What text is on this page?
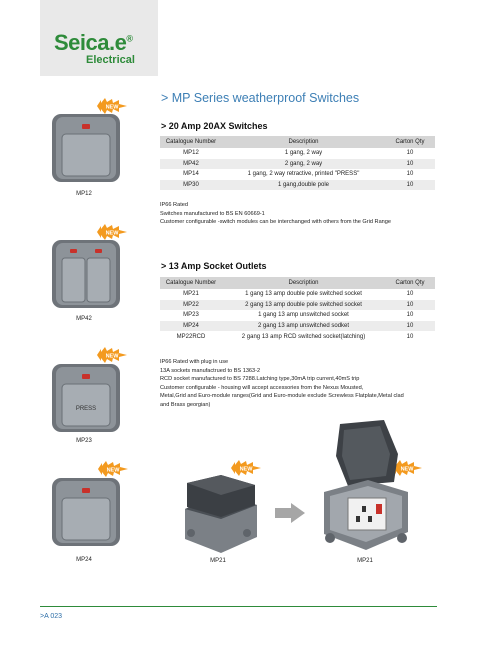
Seica.e®
Electrical
> MP Series weatherproof Switches
> 20 Amp 20AX Switches
Catalogue Number	Description	Carton Qty
MP12	1 gang, 2 way	10
MP42	2 gang, 2 way	10
MP14	1 gang, 2 way retractive, printed "PRESS"	10
MP30	1 gang,double pole	10
IP66 Rated
Switches manufactured to BS EN 60669-1
Customer configurable -switch modules can be interchanged with others from the Grid Range
> 13 Amp Socket Outlets
Catalogue Number	Description	Carton Qty
MP21	1 gang 13 amp double pole switched socket	10
MP22	2 gang 13 amp double pole switched socket	10
MP23	1 gang 13 amp unswitched socket	10
MP24	2 gang 13 amp unswitched sodket	10
MP22RCD	2 gang 13 amp RCD switched socket(latching)	10
IP66 Rated with plug in use
13A sockets manufactrued to BS 1363-2
RCD socket manufactured to BS 7288.Latching type,30mA trip current,40mS trip
Customer configurable - housing will accept accessories from the Nexus Mousted,
Metal,Grid and Euro-module ranges(Grid and Euro-module exclude Screwless Flatplate,Metal clad
and Brass georgian)
NEW
NEW
NEW
NEW	NEW	NEW
MP12
MP42
PRESS
MP23
MP24	MP21	MP21
>A 023
